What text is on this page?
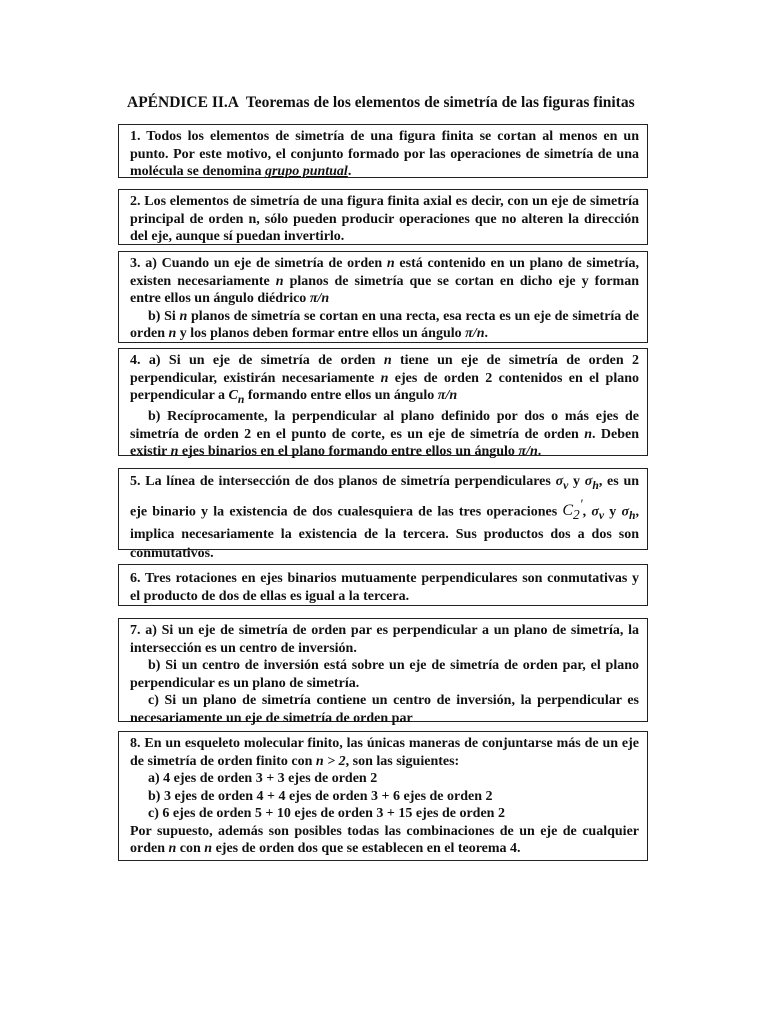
APÉNDICE II.A Teoremas de los elementos de simetría de las figuras finitas

1. Todos los elementos de simetría de una figura finita se cortan al menos en un punto. Por este motivo, el conjunto formado por las operaciones de simetría de una molécula se denomina grupo puntual.

2. Los elementos de simetría de una figura finita axial es decir, con un eje de simetría principal de orden n, sólo pueden producir operaciones que no alteren la dirección del eje, aunque sí puedan invertirlo.

3. a) Cuando un eje de simetría de orden n está contenido en un plano de simetría, existen necesariamente n planos de simetría que se cortan en dicho eje y forman entre ellos un ángulo diédrico π/n

b) Si n planos de simetría se cortan en una recta, esa recta es un eje de simetría de orden n y los planos deben formar entre ellos un ángulo π/n.

4. a) Si un eje de simetría de orden n tiene un eje de simetría de orden 2 perpendicular, existirán necesariamente n ejes de orden 2 contenidos en el plano perpendicular a $C_n$ formando entre ellos un ángulo π/n

b) Recíprocamente, la perpendicular al plano definido por dos o más ejes de simetría de orden 2 en el punto de corte, es un eje de simetría de orden n. Deben existir n ejes binarios en el plano formando entre ellos un ángulo π/n.

5. La línea de intersección de dos planos de simetría perpendiculares $\sigma_v$ y $\sigma_h$, es un eje binario y la existencia de dos cualesquiera de las tres operaciones $C_2'$, $\sigma_v$ y $\sigma_h$, implica necesariamente la existencia de la tercera. Sus productos dos a dos son conmutativos.

6. Tres rotaciones en ejes binarios mutuamente perpendiculares son conmutativas y el producto de dos de ellas es igual a la tercera.

7. a) Si un eje de simetría de orden par es perpendicular a un plano de simetría, la intersección es un centro de inversión.

b) Si un centro de inversión está sobre un eje de simetría de orden par, el plano perpendicular es un plano de simetría.

c) Si un plano de simetría contiene un centro de inversión, la perpendicular es necesariamente un eje de simetría de orden par

8. En un esqueleto molecular finito, las únicas maneras de conjuntarse más de un eje de simetría de orden finito con n > 2, son las siguientes:

a) 4 ejes de orden 3 + 3 ejes de orden 2

b) 3 ejes de orden 4 + 4 ejes de orden 3 + 6 ejes de orden 2

c) 6 ejes de orden 5 + 10 ejes de orden 3 + 15 ejes de orden 2

Por supuesto, además son posibles todas las combinaciones de un eje de cualquier orden n con n ejes de orden dos que se establecen en el teorema 4.
